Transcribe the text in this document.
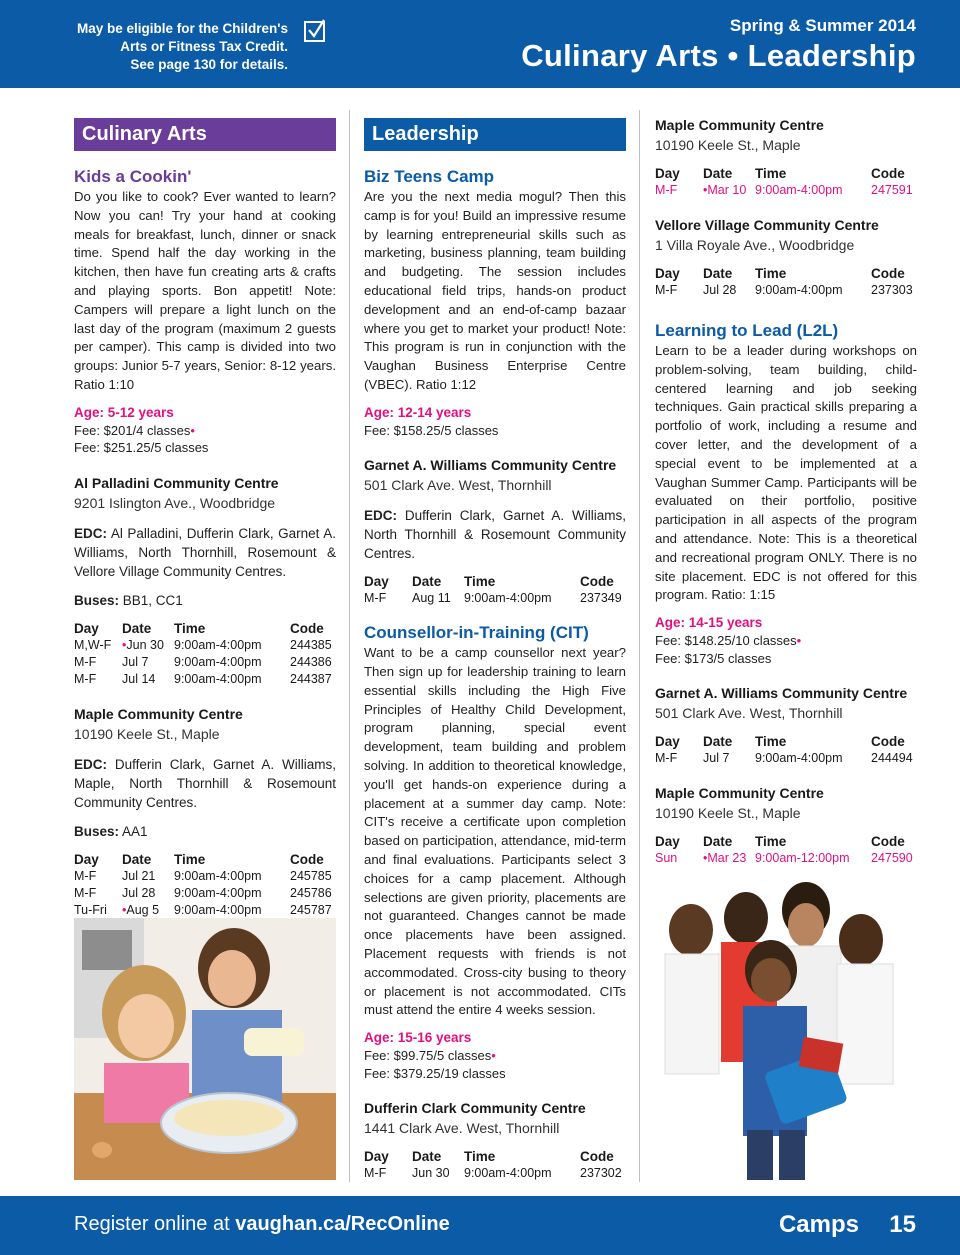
May be eligible for the Children's
Arts or Fitness Tax Credit.
See page 130 for details.
Spring & Summer 2014
Culinary Arts • Leadership
Culinary Arts
Kids a Cookin'
Do you like to cook? Ever wanted to learn? Now you can! Try your hand at cooking meals for breakfast, lunch, dinner or snack time. Spend half the day working in the kitchen, then have fun creating arts & crafts and playing sports. Bon appetit! Note: Campers will prepare a light lunch on the last day of the program (maximum 2 guests per camper). This camp is divided into two groups: Junior 5-7 years, Senior: 8-12 years. Ratio 1:10
Age: 5-12 years
Fee: $201/4 classes•
Fee: $251.25/5 classes
Al Palladini Community Centre
9201 Islington Ave., Woodbridge
EDC: Al Palladini, Dufferin Clark, Garnet A. Williams, North Thornhill, Rosemount & Vellore Village Community Centres.
Buses: BB1, CC1
Day	Date	Time	Code
M,W-F	•Jun 30	9:00am-4:00pm	244385
M-F	Jul 7	9:00am-4:00pm	244386
M-F	Jul 14	9:00am-4:00pm	244387
Maple Community Centre
10190 Keele St., Maple
EDC: Dufferin Clark, Garnet A. Williams, Maple, North Thornhill & Rosemount Community Centres.
Buses: AA1
Day	Date	Time	Code
M-F	Jul 21	9:00am-4:00pm	245785
M-F	Jul 28	9:00am-4:00pm	245786
Tu-Fri	•Aug 5	9:00am-4:00pm	245787
Leadership
Biz Teens Camp
Are you the next media mogul? Then this camp is for you! Build an impressive resume by learning entrepreneurial skills such as marketing, business planning, team building and budgeting. The session includes educational field trips, hands-on product development and an end-of-camp bazaar where you get to market your product! Note: This program is run in conjunction with the Vaughan Business Enterprise Centre (VBEC). Ratio 1:12
Age: 12-14 years
Fee: $158.25/5 classes
Garnet A. Williams Community Centre
501 Clark Ave. West, Thornhill
EDC: Dufferin Clark, Garnet A. Williams, North Thornhill & Rosemount Community Centres.
Day	Date	Time	Code
M-F	Aug 11	9:00am-4:00pm	237349
Counsellor-in-Training (CIT)
Want to be a camp counsellor next year? Then sign up for leadership training to learn essential skills including the High Five Principles of Healthy Child Development, program planning, special event development, team building and problem solving. In addition to theoretical knowledge, you'll get hands-on experience during a placement at a summer day camp. Note: CIT's receive a certificate upon completion based on participation, attendance, mid-term and final evaluations. Participants select 3 choices for a camp placement. Although selections are given priority, placements are not guaranteed. Changes cannot be made once placements have been assigned. Placement requests with friends is not accommodated. Cross-city busing to theory or placement is not accommodated. CITs must attend the entire 4 weeks session.
Age: 15-16 years
Fee: $99.75/5 classes•
Fee: $379.25/19 classes
Dufferin Clark Community Centre
1441 Clark Ave. West, Thornhill
Day	Date	Time	Code
M-F	Jun 30	9:00am-4:00pm	237302
Maple Community Centre
10190 Keele St., Maple
Day	Date	Time	Code
M-F	•Mar 10	9:00am-4:00pm	247591
Vellore Village Community Centre
1 Villa Royale Ave., Woodbridge
Day	Date	Time	Code
M-F	Jul 28	9:00am-4:00pm	237303
Learning to Lead (L2L)
Learn to be a leader during workshops on problem-solving, team building, child-centered learning and job seeking techniques. Gain practical skills preparing a portfolio of work, including a resume and cover letter, and the development of a special event to be implemented at a Vaughan Summer Camp. Participants will be evaluated on their portfolio, positive participation in all aspects of the program and attendance. Note: This is a theoretical and recreational program ONLY. There is no site placement. EDC is not offered for this program. Ratio: 1:15
Age: 14-15 years
Fee: $148.25/10 classes•
Fee: $173/5 classes
Garnet A. Williams Community Centre
501 Clark Ave. West, Thornhill
Day	Date	Time	Code
M-F	Jul 7	9:00am-4:00pm	244494
Maple Community Centre
10190 Keele St., Maple
Day	Date	Time	Code
Sun	•Mar 23	9:00am-12:00pm	247590
Register online at vaughan.ca/RecOnline	Camps 15
